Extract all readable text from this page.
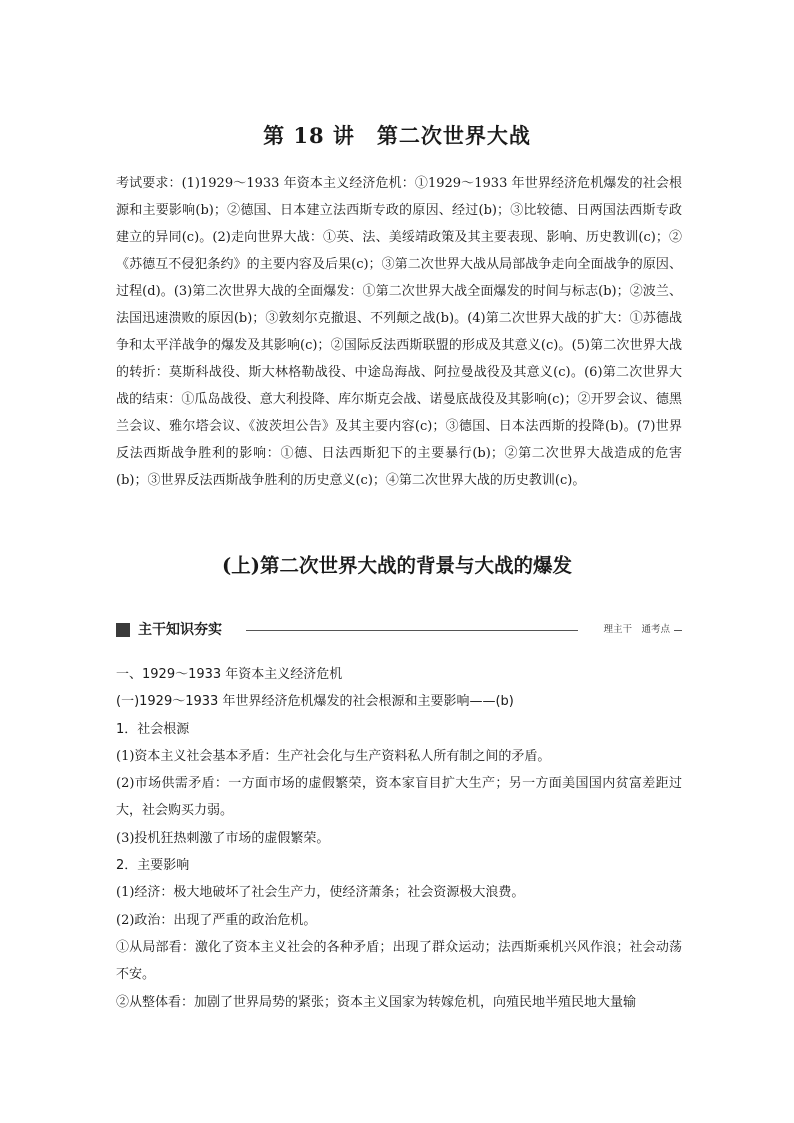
第 18 讲　第二次世界大战
考试要求：(1)1929～1933 年资本主义经济危机：①1929～1933 年世界经济危机爆发的社会根源和主要影响(b)；②德国、日本建立法西斯专政的原因、经过(b)；③比较德、日两国法西斯专政建立的异同(c)。(2)走向世界大战：①英、法、美绥靖政策及其主要表现、影响、历史教训(c)；②《苏德互不侵犯条约》的主要内容及后果(c)；③第二次世界大战从局部战争走向全面战争的原因、过程(d)。(3)第二次世界大战的全面爆发：①第二次世界大战全面爆发的时间与标志(b)；②波兰、法国迅速溃败的原因(b)；③敦刻尔克撤退、不列颠之战(b)。(4)第二次世界大战的扩大：①苏德战争和太平洋战争的爆发及其影响(c)；②国际反法西斯联盟的形成及其意义(c)。(5)第二次世界大战的转折：莫斯科战役、斯大林格勒战役、中途岛海战、阿拉曼战役及其意义(c)。(6)第二次世界大战的结束：①瓜岛战役、意大利投降、库尔斯克会战、诺曼底战役及其影响(c)；②开罗会议、德黑兰会议、雅尔塔会议、《波茨坦公告》及其主要内容(c)；③德国、日本法西斯的投降(b)。(7)世界反法西斯战争胜利的影响：①德、日法西斯犯下的主要暴行(b)；②第二次世界大战造成的危害(b)；③世界反法西斯战争胜利的历史意义(c)；④第二次世界大战的历史教训(c)。
(上)第二次世界大战的背景与大战的爆发
主干知识夯实	理主干　通考点

一、1929～1933 年资本主义经济危机

(一)1929～1933 年世界经济危机爆发的社会根源和主要影响——(b)

1．社会根源

(1)资本主义社会基本矛盾：生产社会化与生产资料私人所有制之间的矛盾。

(2)市场供需矛盾：一方面市场的虚假繁荣，资本家盲目扩大生产；另一方面美国国内贫富差距过大，社会购买力弱。

(3)投机狂热刺激了市场的虚假繁荣。

2．主要影响

(1)经济：极大地破坏了社会生产力，使经济萧条；社会资源极大浪费。

(2)政治：出现了严重的政治危机。

①从局部看：激化了资本主义社会的各种矛盾；出现了群众运动；法西斯乘机兴风作浪；社会动荡不安。

②从整体看：加剧了世界局势的紧张；资本主义国家为转嫁危机，向殖民地半殖民地大量输
